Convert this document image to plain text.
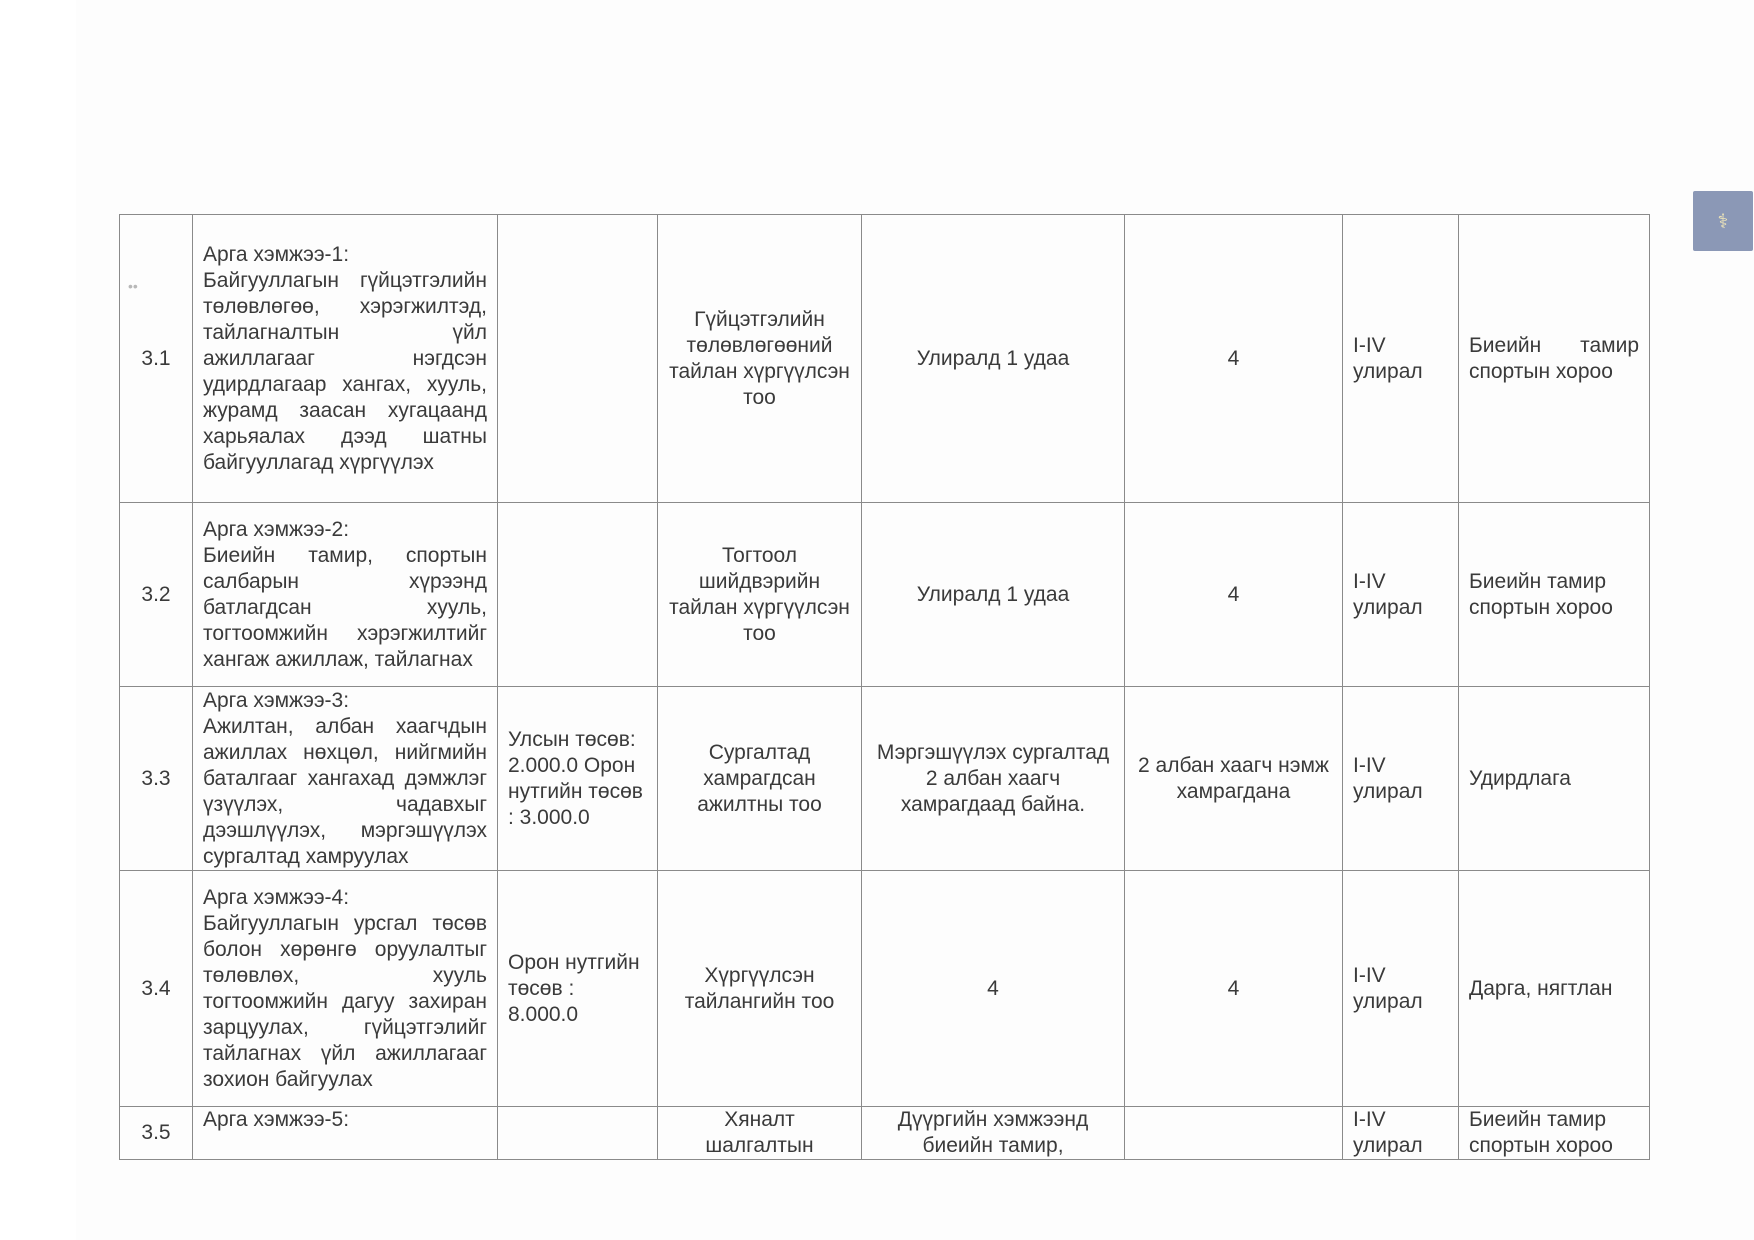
⚕
••
3.1	Арга хэмжээ-1:
Байгууллагын гүйцэтгэлийн төлөвлөгөө, хэрэгжилтэд, тайлагналтын үйл ажиллагааг нэгдсэн удирдлагаар хангах, хууль, журамд заасан хугацаанд харьяалах дээд шатны байгууллагад хүргүүлэх		Гүйцэтгэлийн төлөвлөгөөний тайлан хүргүүлсэн тоо	Улиралд 1 удаа	4	I-IV улирал	Биеийн тамир спортын хороо
3.2	Арга хэмжээ-2:
Биеийн тамир, спортын салбарын хүрээнд батлагдсан хууль, тогтоомжийн хэрэгжилтийг хангаж ажиллаж, тайлагнах		Тогтоол шийдвэрийн тайлан хүргүүлсэн тоо	Улиралд 1 удаа	4	I-IV улирал	Биеийн тамир спортын хороо
3.3	Арга хэмжээ-3:
Ажилтан, албан хаагчдын ажиллах нөхцөл, нийгмийн баталгааг хангахад дэмжлэг үзүүлэх, чадавхыг дээшлүүлэх, мэргэшүүлэх сургалтад хамруулах	Улсын төсөв: 2.000.0 Орон нутгийн төсөв : 3.000.0	Сургалтад хамрагдсан ажилтны тоо	Мэргэшүүлэх сургалтад 2 албан хаагч хамрагдаад байна.	2 албан хаагч нэмж хамрагдана	I-IV улирал	Удирдлага
3.4	Арга хэмжээ-4:
Байгууллагын урсгал төсөв болон хөрөнгө оруулалтыг төлөвлөх, хууль тогтоомжийн дагуу захиран зарцуулах, гүйцэтгэлийг тайлагнах үйл ажиллагааг зохион байгуулах	Орон нутгийн төсөв : 8.000.0	Хүргүүлсэн тайлангийн тоо	4	4	I-IV улирал	Дарга, нягтлан
3.5	Арга хэмжээ-5:		Хяналт шалгалтын	Дүүргийн хэмжээнд биеийн тамир,		I-IV улирал	Биеийн тамир спортын хороо
